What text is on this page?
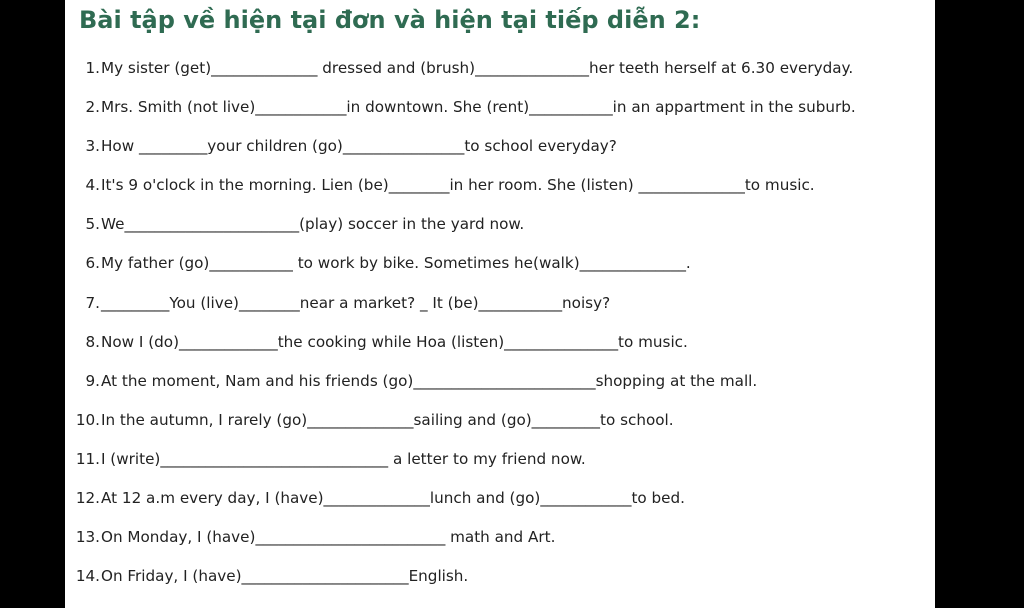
Bài tập về hiện tại đơn và hiện tại tiếp diễn 2:
1. My sister (get)______________ dressed and (brush)_______________her teeth herself at 6.30 everyday.
2. Mrs. Smith (not live)____________in downtown. She (rent)___________in an appartment in the suburb.
3. How _________your children (go)________________to school everyday?
4. It's 9 o'clock in the morning. Lien (be)________in her room. She (listen) ______________to music.
5. We_______________________(play) soccer in the yard now.
6. My father (go)___________ to work by bike. Sometimes he(walk)______________.
7. _________You (live)________near a market? _ It (be)___________noisy?
8. Now I (do)_____________the cooking while Hoa (listen)_______________to music.
9. At the moment, Nam and his friends (go)________________________shopping at the mall.
10. In the autumn, I rarely (go)______________sailing and (go)_________to school.
11. I (write)______________________________ a letter to my friend now.
12. At 12 a.m every day, I (have)______________lunch and (go)____________to bed.
13. On Monday, I (have)_________________________ math and Art.
14. On Friday, I (have)______________________English.
